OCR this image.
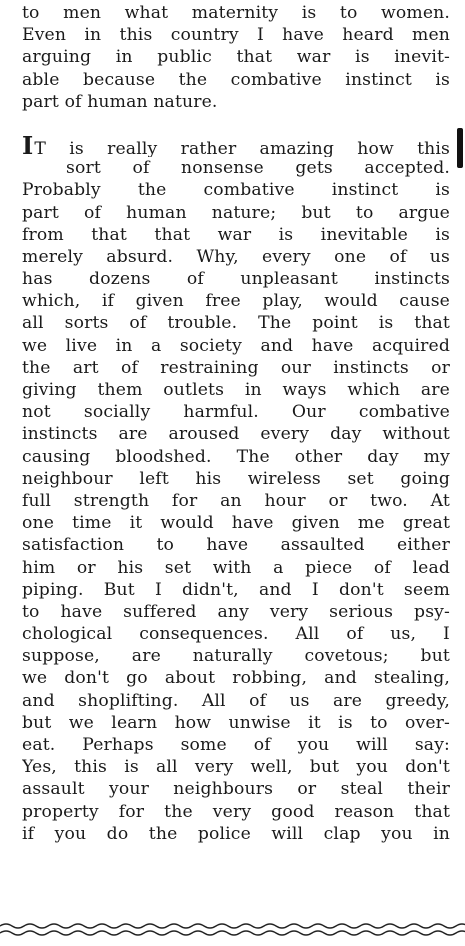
to men what maternity is to women.
Even in this country I have heard men
arguing in public that war is inevit-
able because the combative instinct is
part of human nature.
IT is really rather amazing how this
sort of nonsense gets accepted.
Probably the combative instinct is
part of human nature; but to argue
from that that war is inevitable is
merely absurd. Why, every one of us
has dozens of unpleasant instincts
which, if given free play, would cause
all sorts of trouble. The point is that
we live in a society and have acquired
the art of restraining our instincts or
giving them outlets in ways which are
not socially harmful. Our combative
instincts are aroused every day without
causing bloodshed. The other day my
neighbour left his wireless set going
full strength for an hour or two. At
one time it would have given me great
satisfaction to have assaulted either
him or his set with a piece of lead
piping. But I didn't, and I don't seem
to have suffered any very serious psy-
chological consequences. All of us, I
suppose, are naturally covetous; but
we don't go about robbing, and stealing,
and shoplifting. All of us are greedy,
but we learn how unwise it is to over-
eat. Perhaps some of you will say:
Yes, this is all very well, but you don't
assault your neighbours or steal their
property for the very good reason that
if you do the police will clap you in
